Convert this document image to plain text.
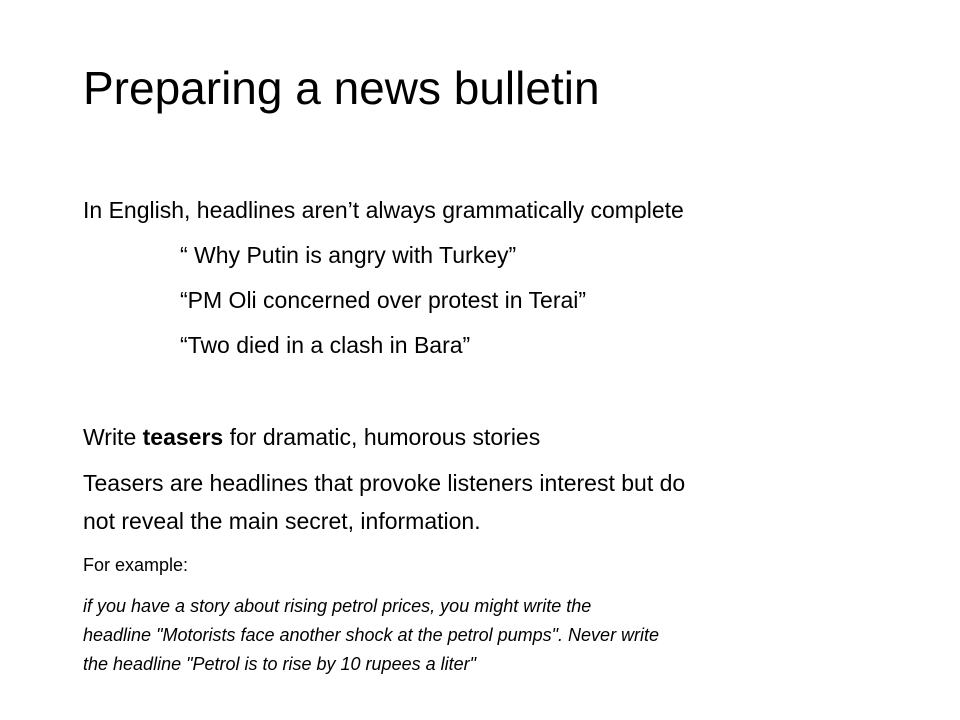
Preparing a news bulletin
In English, headlines aren’t always grammatically complete
“ Why Putin is angry with Turkey”
“PM Oli concerned over protest in Terai”
“Two died in a clash in Bara”
Write teasers for dramatic, humorous stories
Teasers are headlines that provoke listeners interest but do
not reveal the main secret, information.
For example:
if you have a story about rising petrol prices, you might write the
headline "Motorists face another shock at the petrol pumps". Never write
the headline "Petrol is to rise by 10 rupees a liter"
